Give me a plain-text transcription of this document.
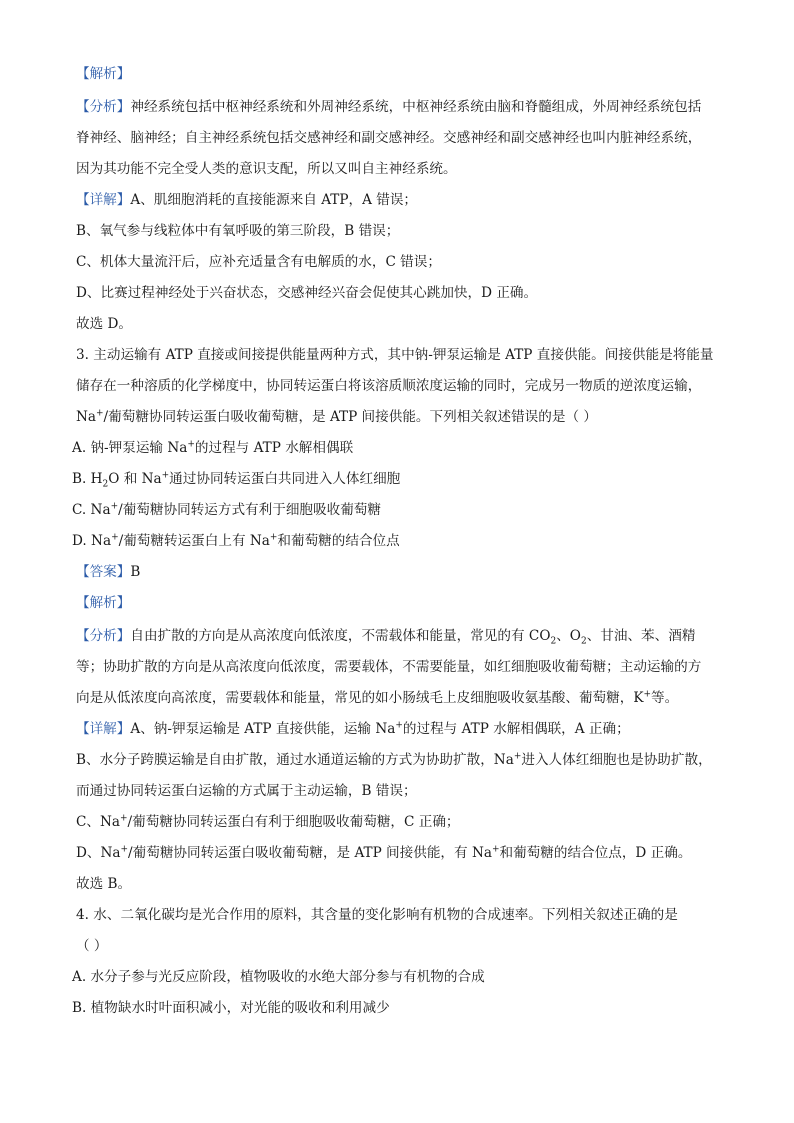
【解析】
【分析】神经系统包括中枢神经系统和外周神经系统，中枢神经系统由脑和脊髓组成，外周神经系统包括
脊神经、脑神经；自主神经系统包括交感神经和副交感神经。交感神经和副交感神经也叫内脏神经系统，
因为其功能不完全受人类的意识支配，所以又叫自主神经系统。
【详解】A、肌细胞消耗的直接能源来自 ATP，A 错误；
B、氧气参与线粒体中有氧呼吸的第三阶段，B 错误；
C、机体大量流汗后，应补充适量含有电解质的水，C 错误；
D、比赛过程神经处于兴奋状态，交感神经兴奋会促使其心跳加快，D 正确。
故选 D。
3. 主动运输有 ATP 直接或间接提供能量两种方式，其中钠-钾泵运输是 ATP 直接供能。间接供能是将能量
储存在一种溶质的化学梯度中，协同转运蛋白将该溶质顺浓度运输的同时，完成另一物质的逆浓度运输，
Na+/葡萄糖协同转运蛋白吸收葡萄糖，是 ATP 间接供能。下列相关叙述错误的是（ ）
A. 钠-钾泵运输 Na+的过程与 ATP 水解相偶联
B. $H_2O$ 和 Na+通过协同转运蛋白共同进入人体红细胞
C. Na+/葡萄糖协同转运方式有利于细胞吸收葡萄糖
D. Na+/葡萄糖转运蛋白上有 Na+和葡萄糖的结合位点
【答案】B
【解析】
【分析】自由扩散的方向是从高浓度向低浓度，不需载体和能量，常见的有 $CO_2$、$O_2$、甘油、苯、酒精
等；协助扩散的方向是从高浓度向低浓度，需要载体，不需要能量，如红细胞吸收葡萄糖；主动运输的方
向是从低浓度向高浓度，需要载体和能量，常见的如小肠绒毛上皮细胞吸收氨基酸、葡萄糖，K+等。
【详解】A、钠-钾泵运输是 ATP 直接供能，运输 Na+的过程与 ATP 水解相偶联，A 正确；
B、水分子跨膜运输是自由扩散，通过水通道运输的方式为协助扩散，Na+进入人体红细胞也是协助扩散，
而通过协同转运蛋白运输的方式属于主动运输，B 错误；
C、Na+/葡萄糖协同转运蛋白有利于细胞吸收葡萄糖，C 正确；
D、Na+/葡萄糖协同转运蛋白吸收葡萄糖，是 ATP 间接供能，有 Na+和葡萄糖的结合位点，D 正确。
故选 B。
4. 水、二氧化碳均是光合作用的原料，其含量的变化影响有机物的合成速率。下列相关叙述正确的是
（ ）
A. 水分子参与光反应阶段，植物吸收的水绝大部分参与有机物的合成
B. 植物缺水时叶面积减小，对光能的吸收和利用减少
